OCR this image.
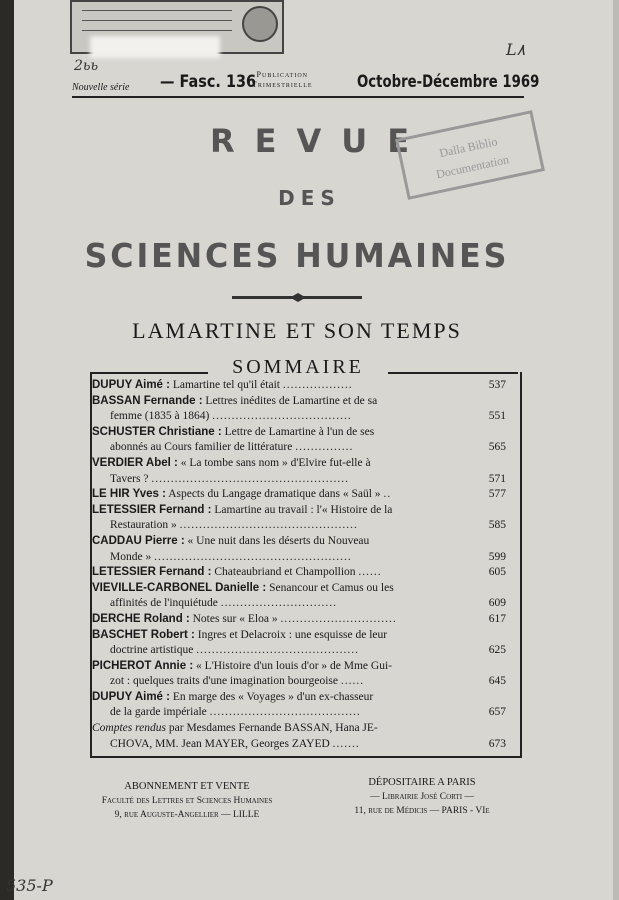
2ьь
L٨
Nouvelle série — Fasc. 136 Publication
Trimestrielle	Octobre-Décembre 1969
REVUE
DES
SCIENCES HUMAINES
Dalla Biblio Documentation
LAMARTINE ET SON TEMPS
SOMMAIRE
DUPUY Aimé : Lamartine tel qu'il était ..................	537
BASSAN Fernande : Lettres inédites de Lamartine et de sa
femme (1835 à 1864) ....................................	551
SCHUSTER Christiane : Lettre de Lamartine à l'un de ses
abonnés au Cours familier de littérature ...............	565
VERDIER Abel : « La tombe sans nom » d'Elvire fut-elle à
Tavers ? ...................................................	571
LE HIR Yves : Aspects du Langage dramatique dans « Saül » ..	577
LETESSIER Fernand : Lamartine au travail : l'« Histoire de la
Restauration » ..............................................	585
CADDAU Pierre : « Une nuit dans les déserts du Nouveau
Monde » ...................................................	599
LETESSIER Fernand : Chateaubriand et Champollion ......	605
VIEVILLE-CARBONEL Danielle : Senancour et Camus ou les
affinités de l'inquiétude ..............................	609
DERCHE Roland : Notes sur « Eloa » ..............................	617
BASCHET Robert : Ingres et Delacroix : une esquisse de leur
doctrine artistique ..........................................	625
PICHEROT Annie : « L'Histoire d'un louis d'or » de Mme Gui-
zot : quelques traits d'une imagination bourgeoise ......	645
DUPUY Aimé : En marge des « Voyages » d'un ex-chasseur
de la garde impériale .......................................	657
Comptes rendus par Mesdames Fernande BASSAN, Hana JE-
CHOVA, MM. Jean MAYER, Georges ZAYED .......	673
ABONNEMENT ET VENTE
Faculté des Lettres et Sciences Humaines
9, rue Auguste-Angellier — LILLE
DÉPOSITAIRE A PARIS
— Librairie José Corti —
11, rue de Médicis — PARIS - VIe
535-P
